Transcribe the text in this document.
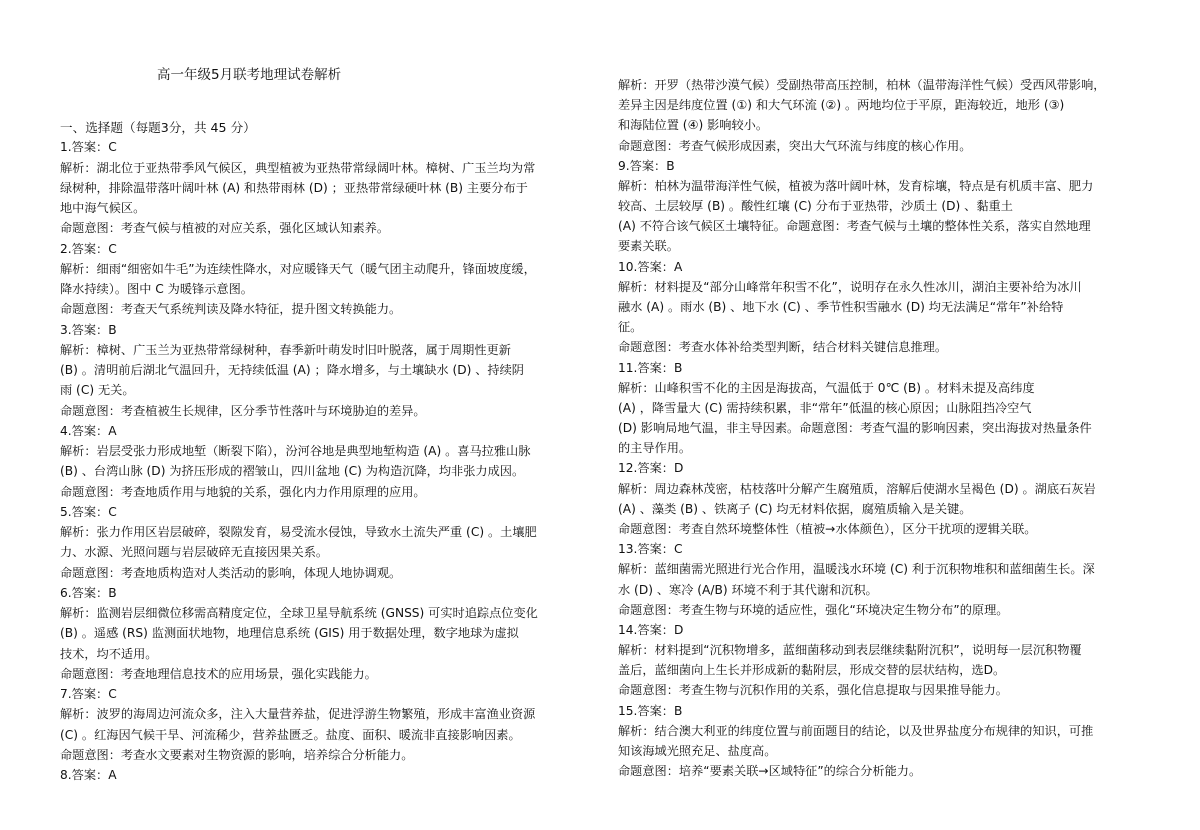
高一年级5月联考地理试卷解析
一、选择题（每题3分，共 45 分）
1.答案：C
解析：湖北位于亚热带季风气候区，典型植被为亚热带常绿阔叶林。樟树、广玉兰均为常
绿树种，排除温带落叶阔叶林 (A) 和热带雨林 (D) ；亚热带常绿硬叶林 (B) 主要分布于
地中海气候区。
命题意图：考查气候与植被的对应关系，强化区域认知素养。
2.答案：C
解析：细雨“细密如牛毛”为连续性降水，对应暖锋天气（暖气团主动爬升，锋面坡度缓，
降水持续）。图中 C 为暖锋示意图。
命题意图：考查天气系统判读及降水特征，提升图文转换能力。
3.答案：B
解析：樟树、广玉兰为亚热带常绿树种，春季新叶萌发时旧叶脱落，属于周期性更新
(B) 。清明前后湖北气温回升，无持续低温 (A) ；降水增多，与土壤缺水 (D) 、持续阴
雨 (C) 无关。
命题意图：考查植被生长规律，区分季节性落叶与环境胁迫的差异。
4.答案：A
解析：岩层受张力形成地堑（断裂下陷），汾河谷地是典型地堑构造 (A) 。喜马拉雅山脉
(B) 、台湾山脉 (D) 为挤压形成的褶皱山，四川盆地 (C) 为构造沉降，均非张力成因。
命题意图：考查地质作用与地貌的关系，强化内力作用原理的应用。
5.答案：C
解析：张力作用区岩层破碎，裂隙发育，易受流水侵蚀，导致水土流失严重 (C) 。土壤肥
力、水源、光照问题与岩层破碎无直接因果关系。
命题意图：考查地质构造对人类活动的影响，体现人地协调观。
6.答案：B
解析：监测岩层细微位移需高精度定位，全球卫星导航系统 (GNSS) 可实时追踪点位变化
(B) 。遥感 (RS) 监测面状地物，地理信息系统 (GIS) 用于数据处理，数字地球为虚拟
技术，均不适用。
命题意图：考查地理信息技术的应用场景，强化实践能力。
7.答案：C
解析：波罗的海周边河流众多，注入大量营养盐，促进浮游生物繁殖，形成丰富渔业资源
(C) 。红海因气候干旱、河流稀少，营养盐匮乏。盐度、面积、暖流非直接影响因素。
命题意图：考查水文要素对生物资源的影响，培养综合分析能力。
8.答案：A
解析：开罗（热带沙漠气候）受副热带高压控制，柏林（温带海洋性气候）受西风带影响，
差异主因是纬度位置 (①) 和大气环流 (②) 。两地均位于平原，距海较近，地形 (③)
和海陆位置 (④) 影响较小。
命题意图：考查气候形成因素，突出大气环流与纬度的核心作用。
9.答案：B
解析：柏林为温带海洋性气候，植被为落叶阔叶林，发育棕壤，特点是有机质丰富、肥力
较高、土层较厚 (B) 。酸性红壤 (C) 分布于亚热带，沙质土 (D) 、黏重土
(A) 不符合该气候区土壤特征。命题意图：考查气候与土壤的整体性关系，落实自然地理
要素关联。
10.答案：A
解析：材料提及“部分山峰常年积雪不化”，说明存在永久性冰川，湖泊主要补给为冰川
融水 (A) 。雨水 (B) 、地下水 (C) 、季节性积雪融水 (D) 均无法满足“常年”补给特
征。
命题意图：考查水体补给类型判断，结合材料关键信息推理。
11.答案：B
解析：山峰积雪不化的主因是海拔高，气温低于 0℃ (B) 。材料未提及高纬度
(A) ，降雪量大 (C) 需持续积累，非“常年”低温的核心原因；山脉阻挡冷空气
(D) 影响局地气温，非主导因素。命题意图：考查气温的影响因素，突出海拔对热量条件
的主导作用。
12.答案：D
解析：周边森林茂密，枯枝落叶分解产生腐殖质，溶解后使湖水呈褐色 (D) 。湖底石灰岩
(A) 、藻类 (B) 、铁离子 (C) 均无材料依据，腐殖质输入是关键。
命题意图：考查自然环境整体性（植被→水体颜色），区分干扰项的逻辑关联。
13.答案：C
解析：蓝细菌需光照进行光合作用，温暖浅水环境 (C) 利于沉积物堆积和蓝细菌生长。深
水 (D) 、寒冷 (A/B) 环境不利于其代谢和沉积。
命题意图：考查生物与环境的适应性，强化“环境决定生物分布”的原理。
14.答案：D
解析：材料提到“沉积物增多，蓝细菌移动到表层继续黏附沉积”，说明每一层沉积物覆
盖后，蓝细菌向上生长并形成新的黏附层，形成交替的层状结构，选D。
命题意图：考查生物与沉积作用的关系，强化信息提取与因果推导能力。
15.答案：B
解析：结合澳大利亚的纬度位置与前面题目的结论，以及世界盐度分布规律的知识，可推
知该海域光照充足、盐度高。
命题意图：培养“要素关联→区域特征”的综合分析能力。
